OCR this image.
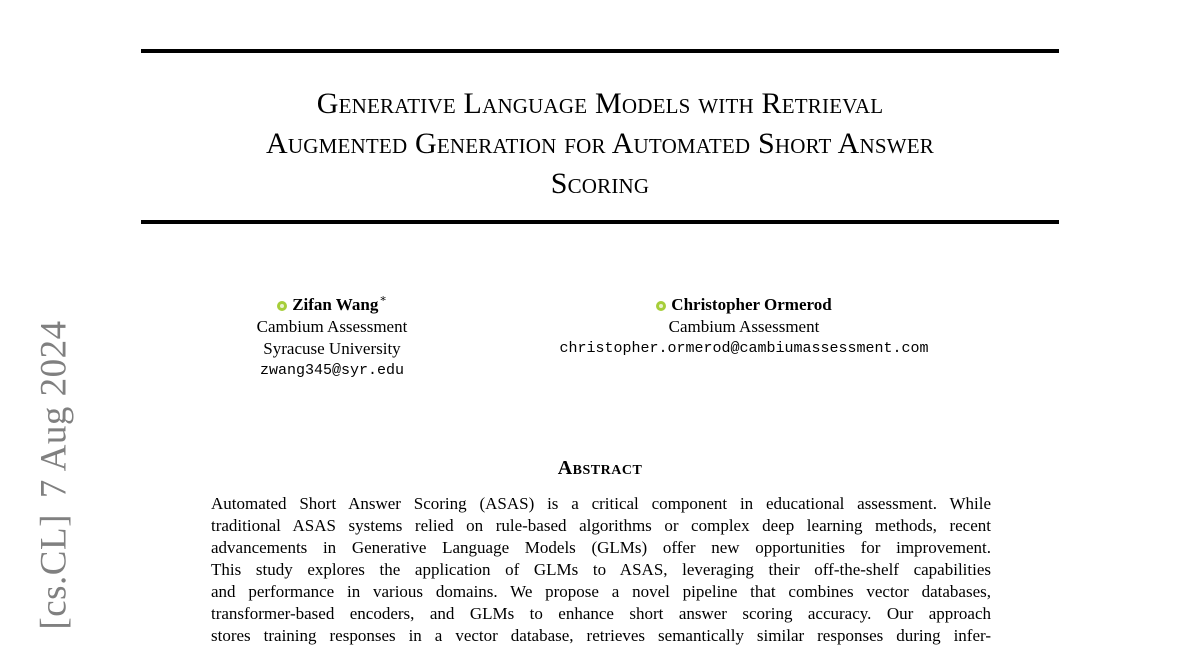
Generative Language Models with Retrieval
Augmented Generation for Automated Short Answer
Scoring
[cs.CL]7 Aug 2024
Zifan Wang ∗
Cambium Assessment
Syracuse University
zwang345@syr.edu
Christopher Ormerod
Cambium Assessment
christopher.ormerod@cambiumassessment.com
Abstract
Automated Short Answer Scoring (ASAS) is a critical component in educational assessment. While
traditional ASAS systems relied on rule-based algorithms or complex deep learning methods, recent
advancements in Generative Language Models (GLMs) offer new opportunities for improvement.
This study explores the application of GLMs to ASAS, leveraging their off-the-shelf capabilities
and performance in various domains. We propose a novel pipeline that combines vector databases,
transformer-based encoders, and GLMs to enhance short answer scoring accuracy. Our approach
stores training responses in a vector database, retrieves semantically similar responses during infer-
